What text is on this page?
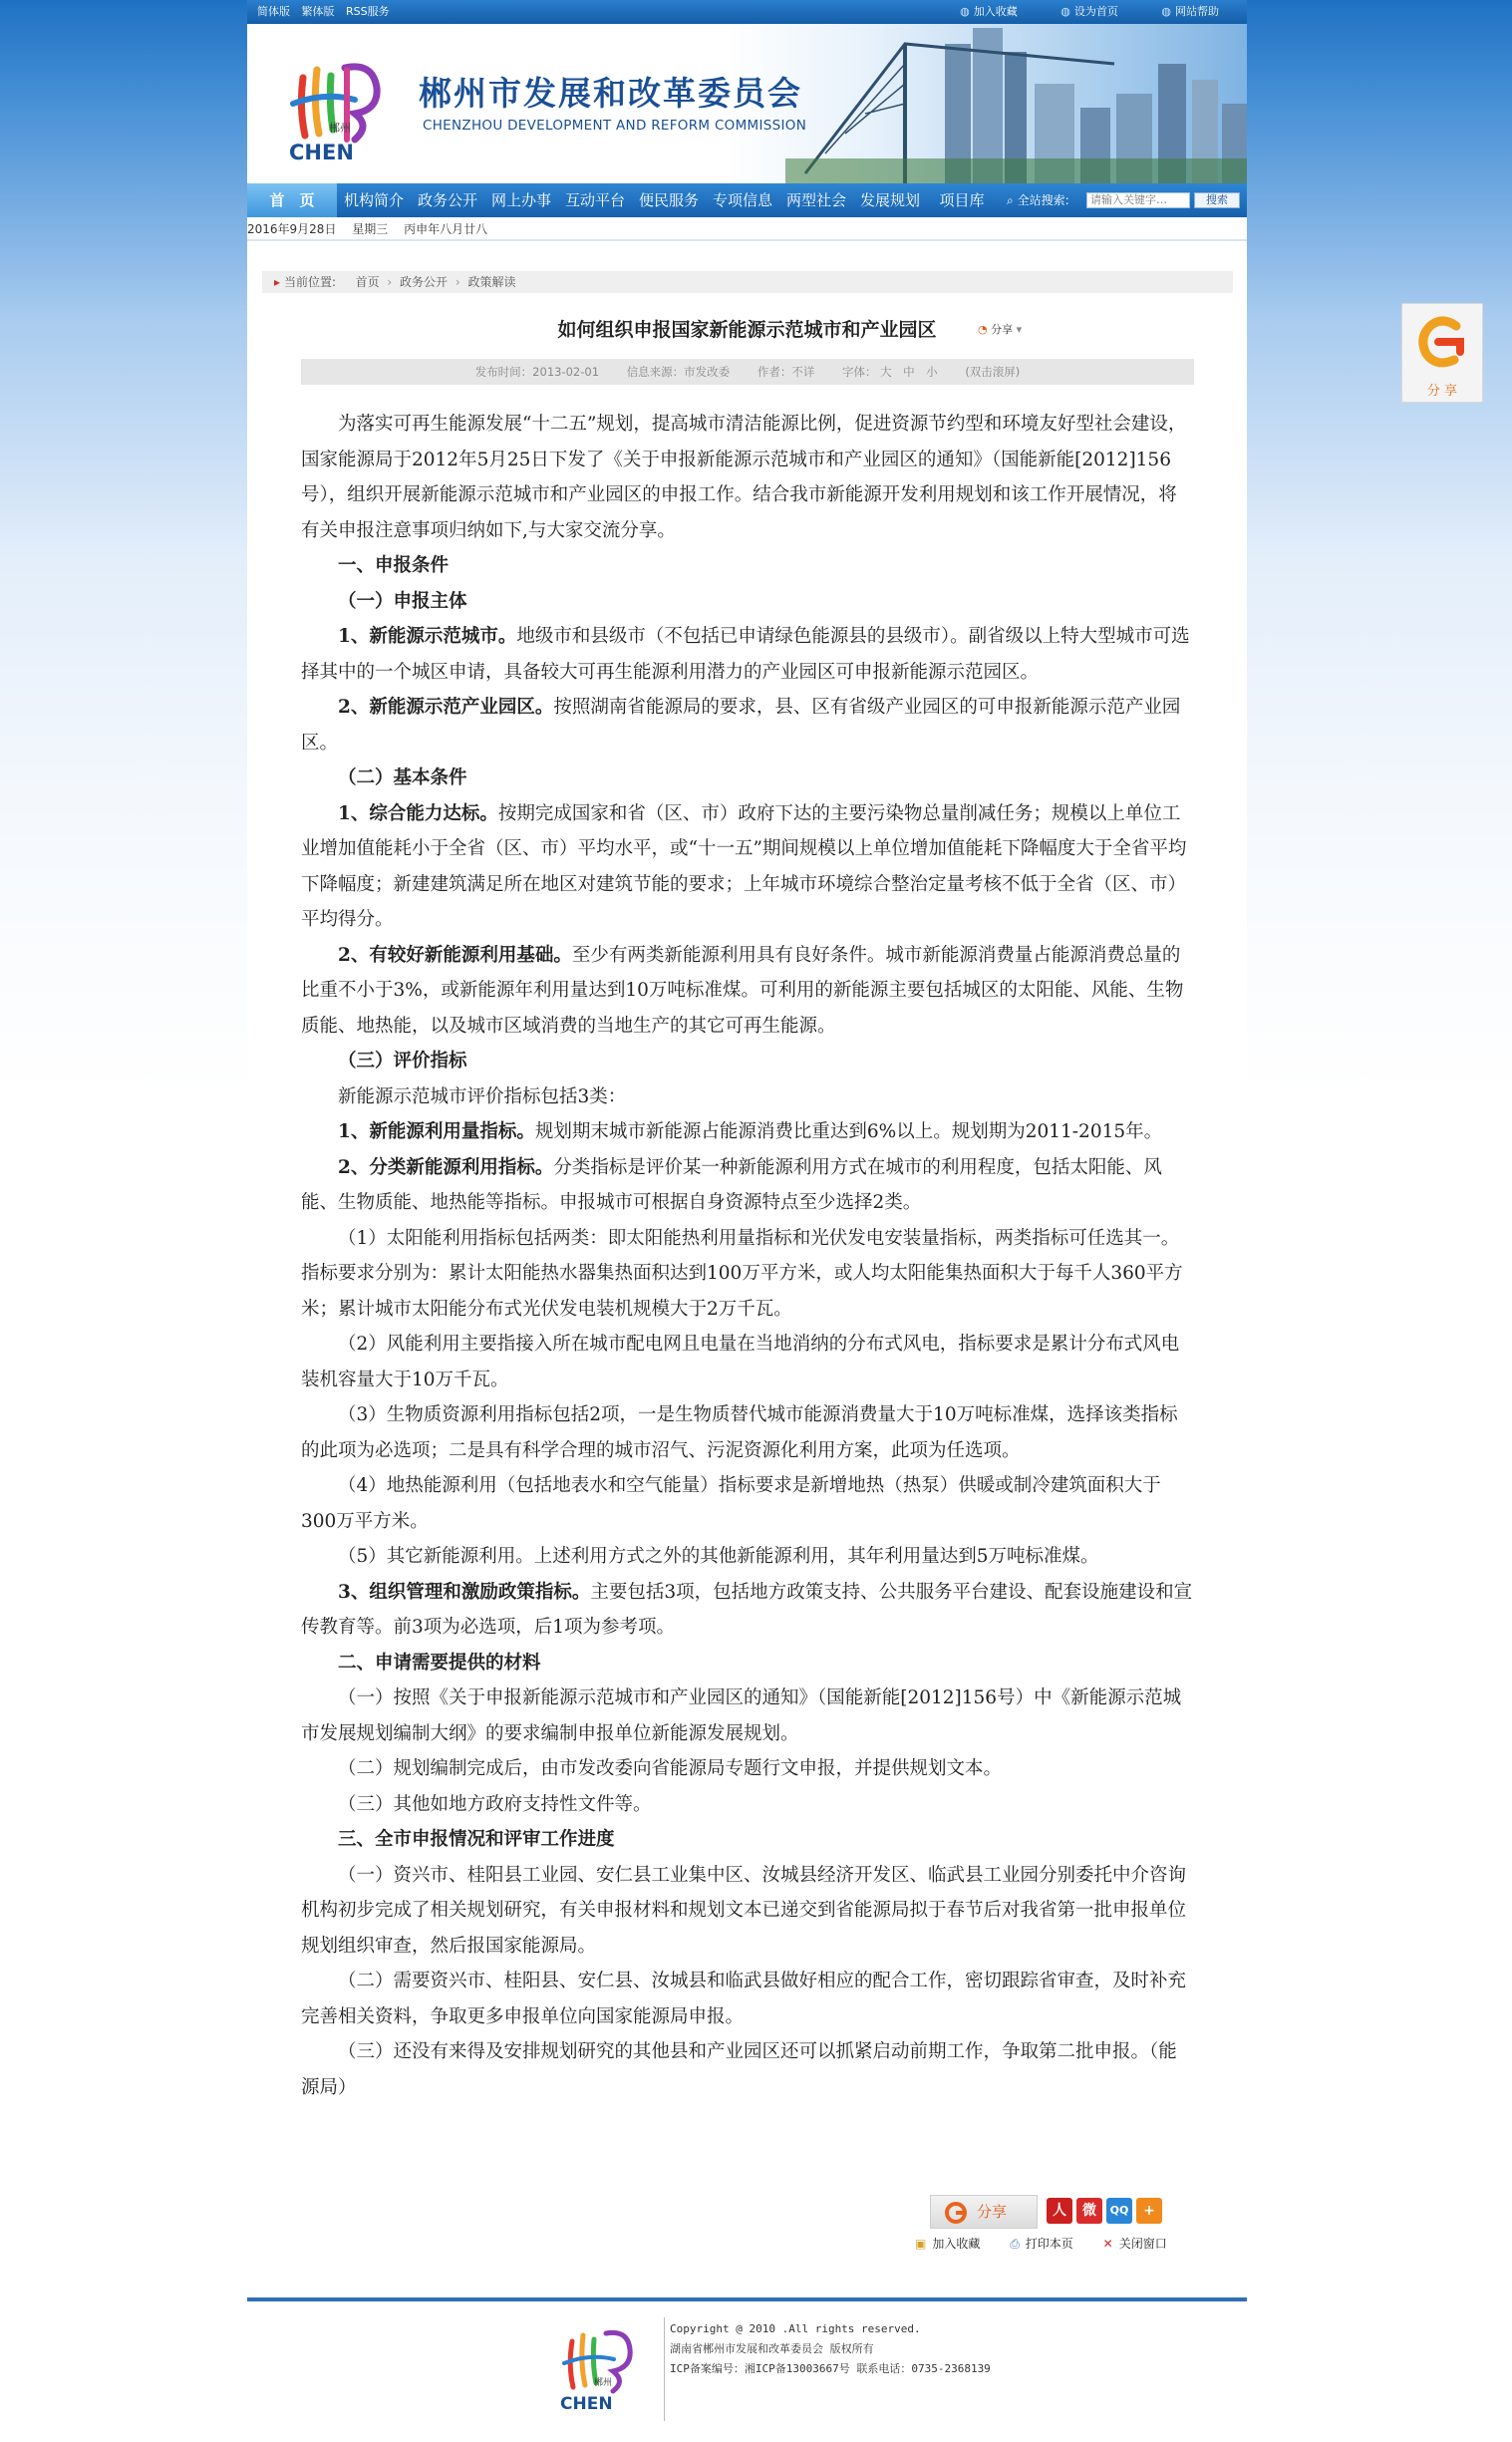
简体版 繁体版 RSS服务	◍ 加入收藏	◍ 设为首页	◍ 网站帮助
郴州
CHEN
郴州市发展和改革委员会
CHENZHOU DEVELOPMENT AND REFORM COMMISSION
首　页	机构简介 政务公开 网上办事 互动平台 便民服务 专项信息 两型社会 发展规划	项目库	⌕ 全站搜索:
请输入关键字…	搜索
2016年9月28日 星期三 丙申年八月廿八
▸ 当前位置: 首页 › 政务公开 › 政策解读
如何组织申报国家新能源示范城市和产业园区	◔ 分享 ▾
发布时间：2013-02-01 信息来源：市发改委 作者：不详 字体： 大　中　小 (双击滚屏)

为落实可再生能源发展“十二五”规划，提高城市清洁能源比例，促进资源节约型和环境友好型社会建设，国家能源局于2012年5月25日下发了《关于申报新能源示范城市和产业园区的通知》（国能新能[2012]156号），组织开展新能源示范城市和产业园区的申报工作。结合我市新能源开发利用规划和该工作开展情况，将有关申报注意事项归纳如下,与大家交流分享。

一、申报条件

（一）申报主体

1、新能源示范城市。地级市和县级市（不包括已申请绿色能源县的县级市）。副省级以上特大型城市可选择其中的一个城区申请，具备较大可再生能源利用潜力的产业园区可申报新能源示范园区。

2、新能源示范产业园区。按照湖南省能源局的要求，县、区有省级产业园区的可申报新能源示范产业园区。

（二）基本条件

1、综合能力达标。按期完成国家和省（区、市）政府下达的主要污染物总量削减任务；规模以上单位工业增加值能耗小于全省（区、市）平均水平，或“十一五”期间规模以上单位增加值能耗下降幅度大于全省平均下降幅度；新建建筑满足所在地区对建筑节能的要求；上年城市环境综合整治定量考核不低于全省（区、市）平均得分。

2、有较好新能源利用基础。至少有两类新能源利用具有良好条件。城市新能源消费量占能源消费总量的比重不小于3%，或新能源年利用量达到10万吨标准煤。可利用的新能源主要包括城区的太阳能、风能、生物质能、地热能，以及城市区域消费的当地生产的其它可再生能源。

（三）评价指标

新能源示范城市评价指标包括3类：

1、新能源利用量指标。规划期末城市新能源占能源消费比重达到6%以上。规划期为2011-2015年。

2、分类新能源利用指标。分类指标是评价某一种新能源利用方式在城市的利用程度，包括太阳能、风能、生物质能、地热能等指标。申报城市可根据自身资源特点至少选择2类。

（1）太阳能利用指标包括两类：即太阳能热利用量指标和光伏发电安装量指标，两类指标可任选其一。指标要求分别为：累计太阳能热水器集热面积达到100万平方米，或人均太阳能集热面积大于每千人360平方米；累计城市太阳能分布式光伏发电装机规模大于2万千瓦。

（2）风能利用主要指接入所在城市配电网且电量在当地消纳的分布式风电，指标要求是累计分布式风电装机容量大于10万千瓦。

（3）生物质资源利用指标包括2项，一是生物质替代城市能源消费量大于10万吨标准煤，选择该类指标的此项为必选项；二是具有科学合理的城市沼气、污泥资源化利用方案，此项为任选项。

（4）地热能源利用（包括地表水和空气能量）指标要求是新增地热（热泵）供暖或制冷建筑面积大于300万平方米。

（5）其它新能源利用。上述利用方式之外的其他新能源利用，其年利用量达到5万吨标准煤。

3、组织管理和激励政策指标。主要包括3项，包括地方政策支持、公共服务平台建设、配套设施建设和宣传教育等。前3项为必选项，后1项为参考项。

二、申请需要提供的材料

（一）按照《关于申报新能源示范城市和产业园区的通知》（国能新能[2012]156号）中《新能源示范城市发展规划编制大纲》的要求编制申报单位新能源发展规划。

（二）规划编制完成后，由市发改委向省能源局专题行文申报，并提供规划文本。

（三）其他如地方政府支持性文件等。

三、全市申报情况和评审工作进度

（一）资兴市、桂阳县工业园、安仁县工业集中区、汝城县经济开发区、临武县工业园分别委托中介咨询机构初步完成了相关规划研究，有关申报材料和规划文本已递交到省能源局拟于春节后对我省第一批申报单位规划组织审查，然后报国家能源局。

（二）需要资兴市、桂阳县、安仁县、汝城县和临武县做好相应的配合工作，密切跟踪省审查，及时补充完善相关资料，争取更多申报单位向国家能源局申报。

（三）还没有来得及安排规划研究的其他县和产业园区还可以抓紧启动前期工作，争取第二批申报。（能源局）

分享	人	微	QQ	+
▣ 加入收藏 ⎙ 打印本页 ✕ 关闭窗口
郴州
CHEN
Copyright @ 2010 .All rights reserved.
湖南省郴州市发展和改革委员会 版权所有
ICP备案编号：湘ICP备13003667号 联系电话：0735-2368139
分 享
